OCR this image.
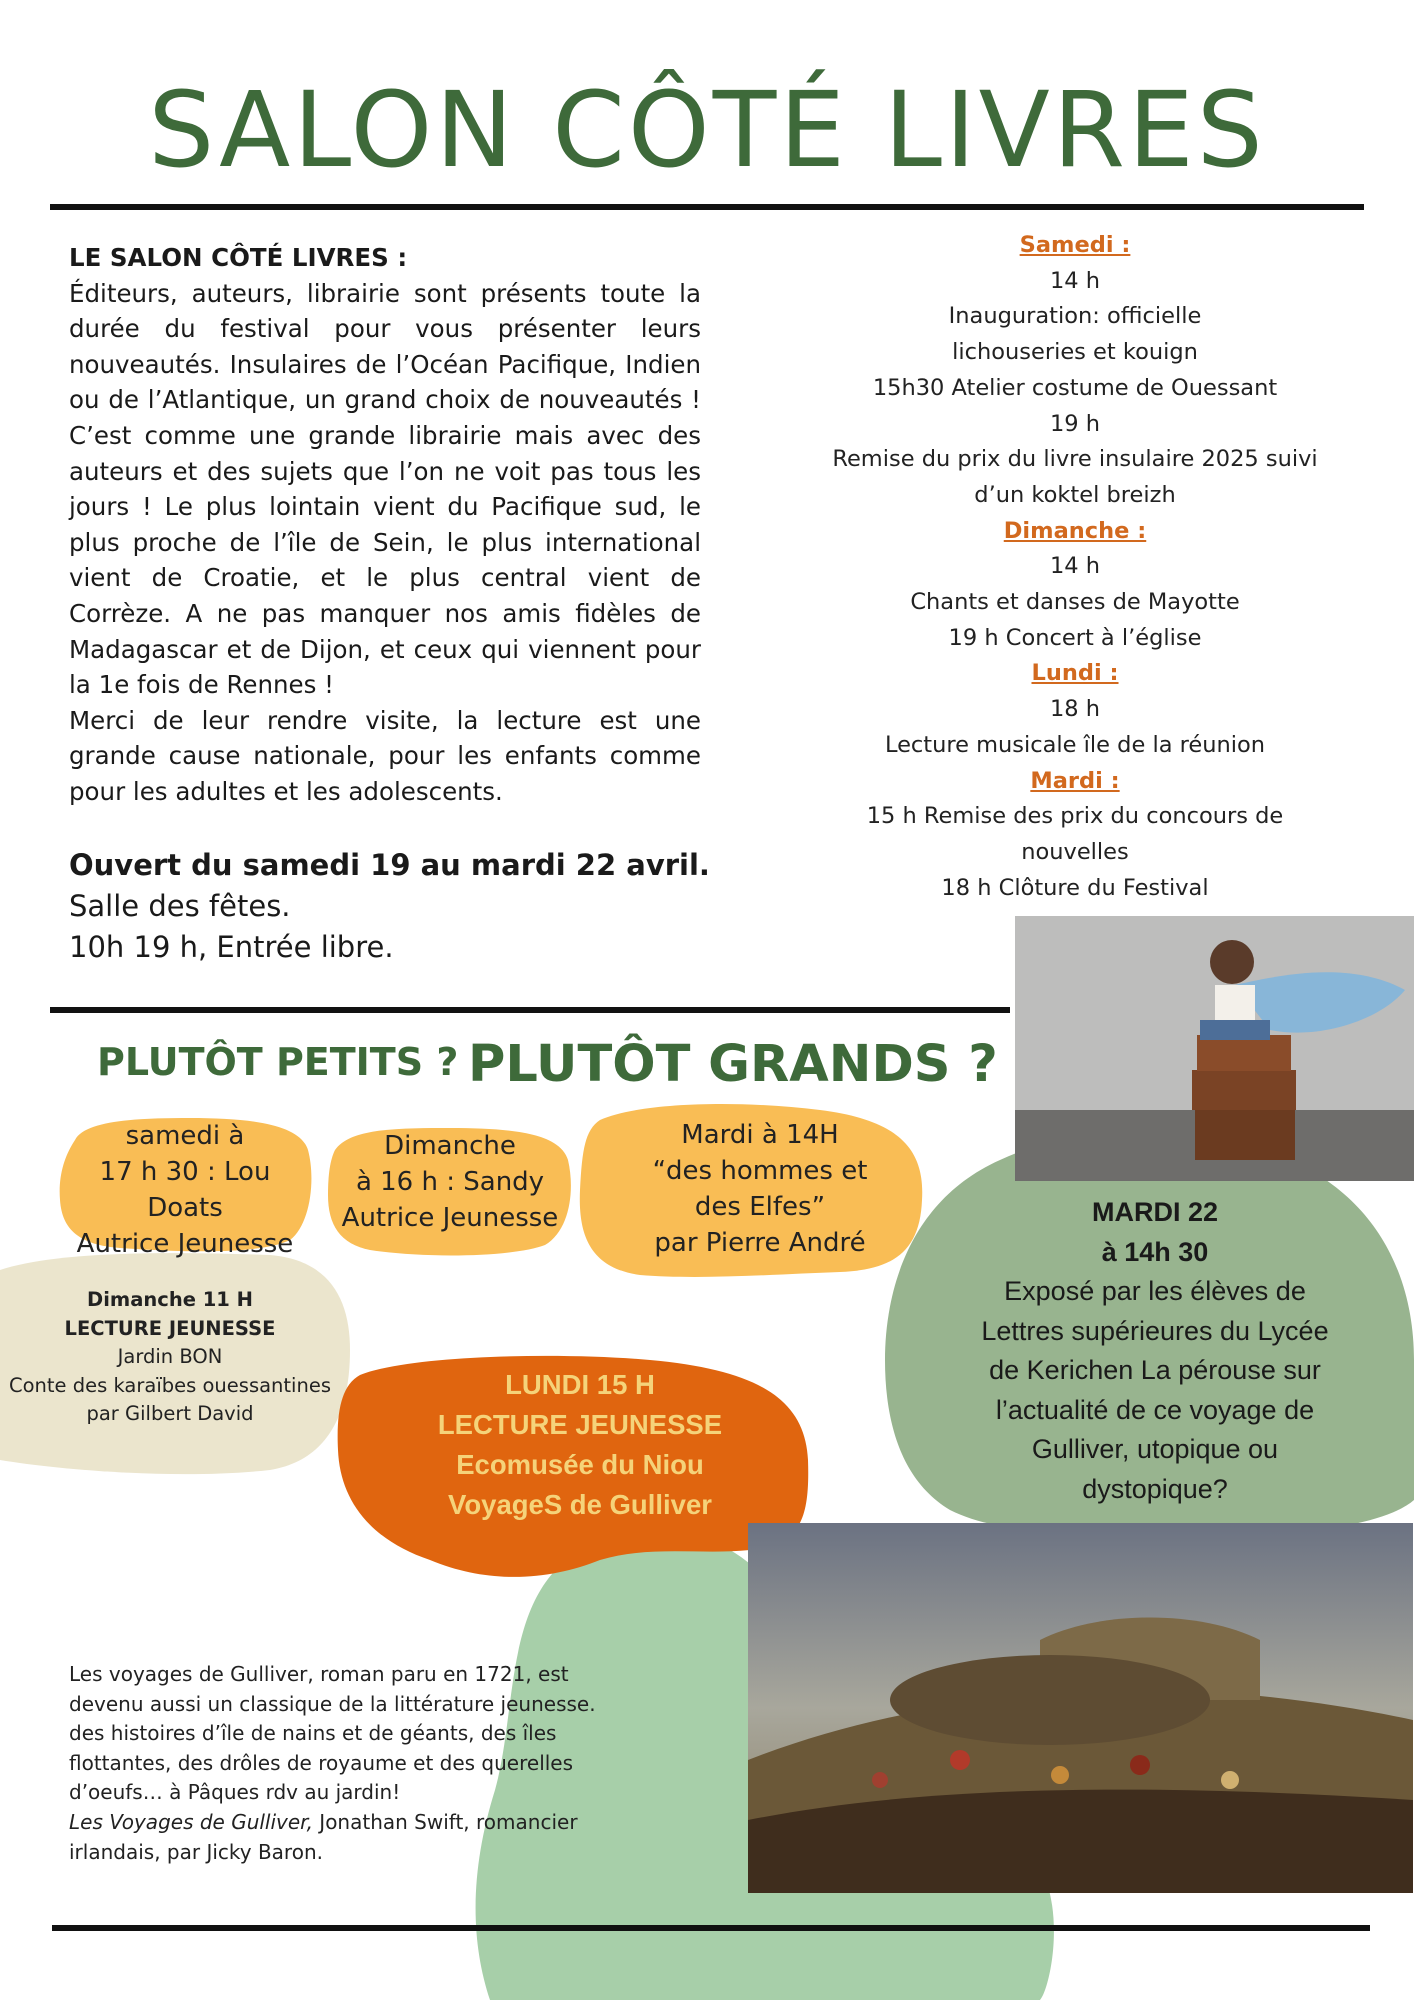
SALON CÔTÉ LIVRES
LE SALON CÔTÉ LIVRES :

Éditeurs, auteurs, librairie sont présents toute la durée du festival pour vous présenter leurs nouveautés. Insulaires de l’Océan Pacifique, Indien ou de l’Atlantique, un grand choix de nouveautés ! C’est comme une grande librairie mais avec des auteurs et des sujets que l’on ne voit pas tous les jours ! Le plus lointain vient du Pacifique sud, le plus proche de l’île de Sein, le plus international vient de Croatie, et le plus central vient de Corrèze. A ne pas manquer nos amis fidèles de Madagascar et de Dijon, et ceux qui viennent pour la 1e fois de Rennes !

Merci de leur rendre visite, la lecture est une grande cause nationale, pour les enfants comme pour les adultes et les adolescents.

Ouvert du samedi 19 au mardi 22 avril.
Salle des fêtes.
10h 19 h, Entrée libre.
Samedi :
14 h
Inauguration: officielle
lichouseries et kouign
15h30 Atelier costume de Ouessant
19 h
Remise du prix du livre insulaire 2025 suivi
d’un koktel breizh
Dimanche :
14 h
Chants et danses de Mayotte
19 h Concert à l’église
Lundi :
18 h
Lecture musicale île de la réunion
Mardi :
15 h Remise des prix du concours de
nouvelles
18 h Clôture du Festival
PLUTÔT PETITS ? PLUTÔT GRANDS ?
samedi à
17 h 30 : Lou Doats
Autrice Jeunesse
Dimanche
à 16 h : Sandy
Autrice Jeunesse
Mardi à 14H
“des hommes et
des Elfes”
par Pierre André
Dimanche 11 H
LECTURE JEUNESSE
Jardin BON
Conte des karaïbes ouessantines
par Gilbert David
LUNDI 15 H
LECTURE JEUNESSE
Ecomusée du Niou
VoyageS de Gulliver
MARDI 22
à 14h 30
Exposé par les élèves de
Lettres supérieures du Lycée
de Kerichen La pérouse sur
l’actualité de ce voyage de
Gulliver, utopique ou
dystopique?
Les voyages de Gulliver, roman paru en 1721, est
devenu aussi un classique de la littérature jeunesse.
des histoires d’île de nains et de géants, des îles
flottantes, des drôles de royaume et des querelles
d’oeufs… à Pâques rdv au jardin!
Les Voyages de Gulliver, Jonathan Swift, romancier
irlandais, par Jicky Baron.
